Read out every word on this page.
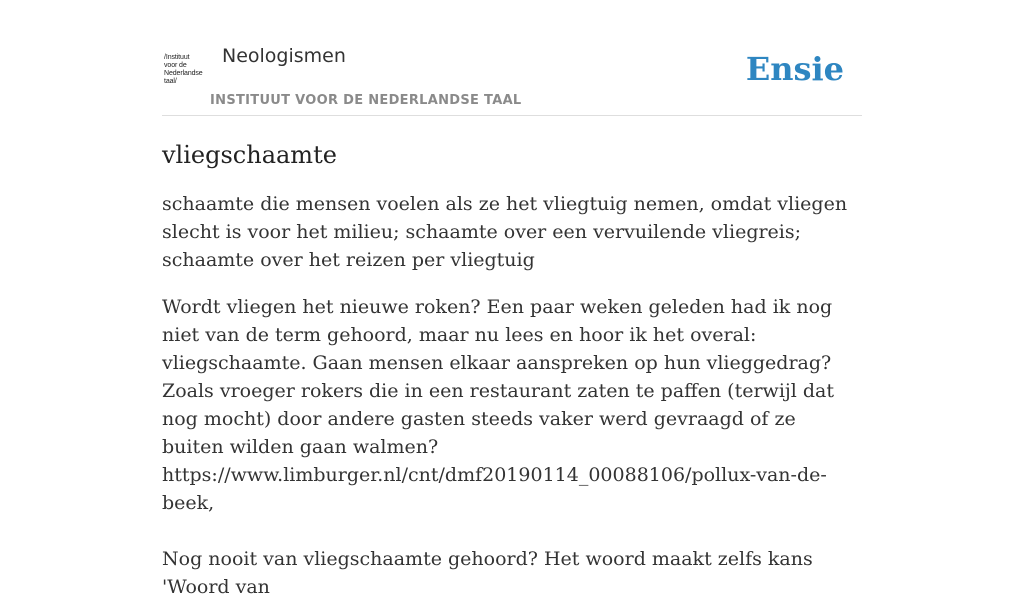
/Instituut
voor de
Nederlandse
taal/
Neologismen
INSTITUUT VOOR DE NEDERLANDSE TAAL
Ensie
vliegschaamte

schaamte die mensen voelen als ze het vliegtuig nemen, omdat vliegen slecht is voor het milieu; schaamte over een vervuilende vliegreis; schaamte over het reizen per vliegtuig

Wordt vliegen het nieuwe roken? Een paar weken geleden had ik nog niet van de term gehoord, maar nu lees en hoor ik het overal: vliegschaamte. Gaan mensen elkaar aanspreken op hun vlieggedrag? Zoals vroeger rokers die in een restaurant zaten te paffen (terwijl dat nog mocht) door andere gasten steeds vaker werd gevraagd of ze buiten wilden gaan walmen?
https://www.limburger.nl/cnt/dmf20190114_00088106/pollux-van-de-beek,
Nog nooit van vliegschaamte gehoord? Het woord maakt zelfs kans 'Woord van
